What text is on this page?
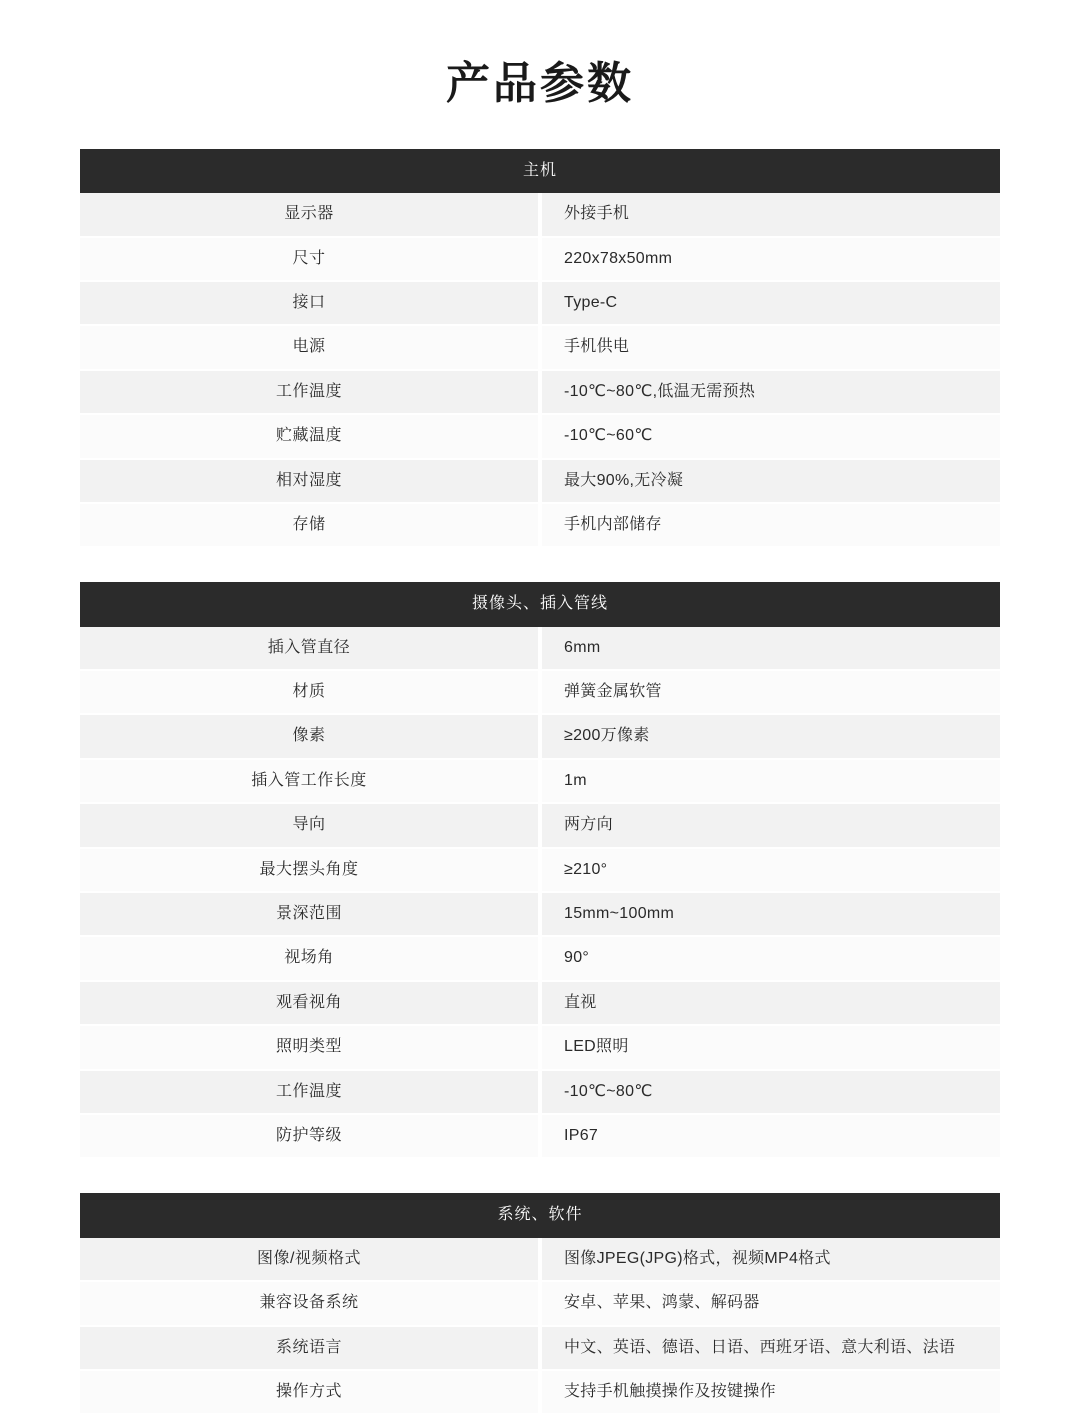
产品参数
主机	
显示器	外接手机
尺寸	220x78x50mm
接口	Type-C
电源	手机供电
工作温度	-10℃~80℃,低温无需预热
贮藏温度	-10℃~60℃
相对湿度	最大90%,无冷凝
存储	手机内部储存
摄像头、插入管线	
插入管直径	6mm
材质	弹簧金属软管
像素	≥200万像素
插入管工作长度	1m
导向	两方向
最大摆头角度	≥210°
景深范围	15mm~100mm
视场角	90°
观看视角	直视
照明类型	LED照明
工作温度	-10℃~80℃
防护等级	IP67
系统、软件	
图像/视频格式	图像JPEG(JPG)格式，视频MP4格式
兼容设备系统	安卓、苹果、鸿蒙、解码器
系统语言	中文、英语、德语、日语、西班牙语、意大利语、法语
操作方式	支持手机触摸操作及按键操作
